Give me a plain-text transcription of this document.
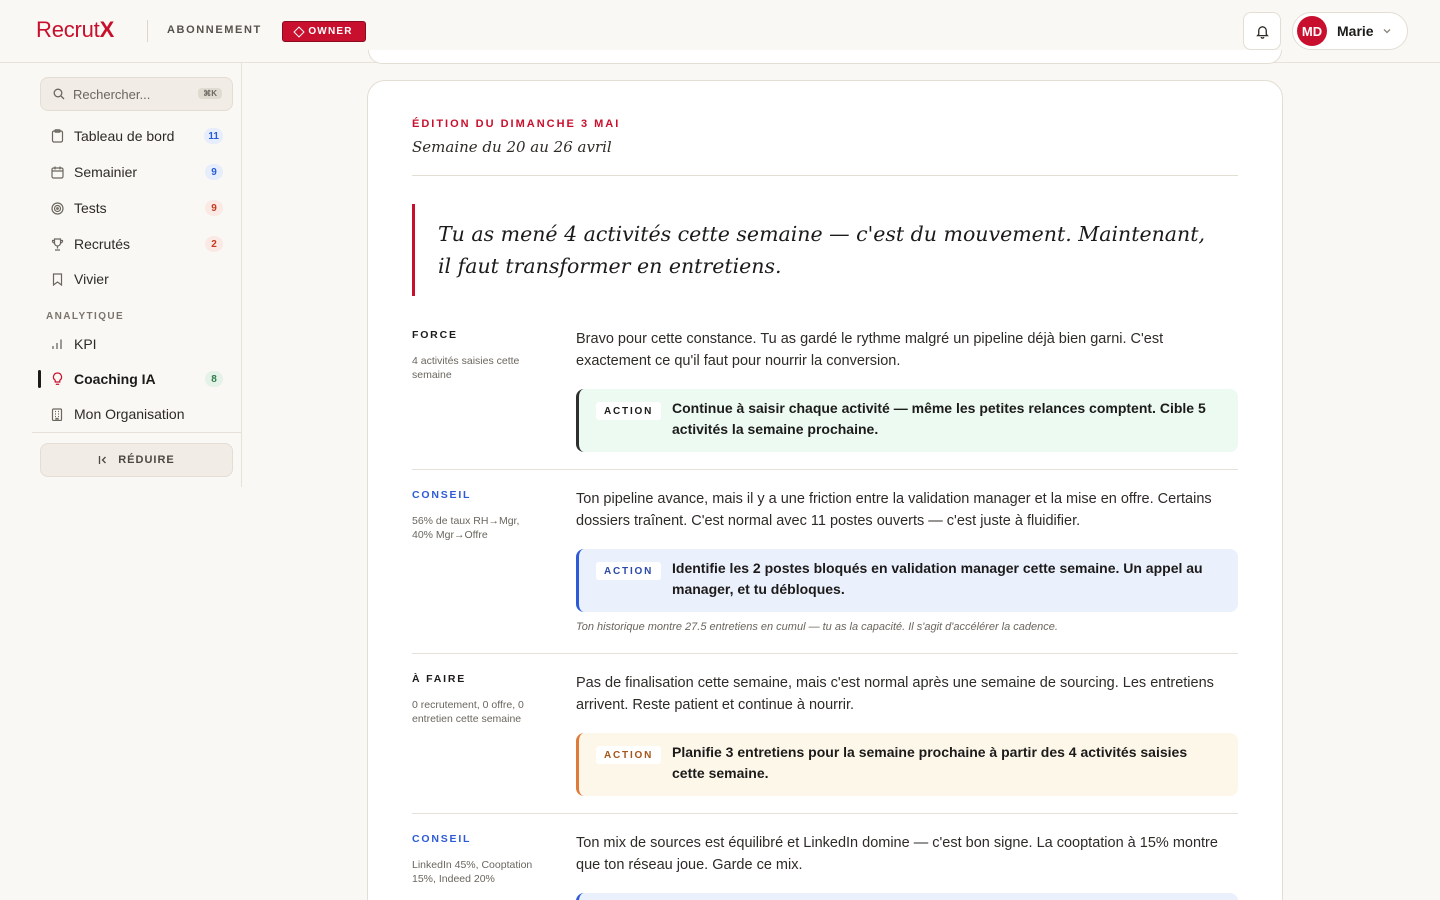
RecrutX	ABONNEMENT	OWNER	MD	Marie
Rechercher...
⌘K
Tableau de bord	11
Semainier	9
Tests	9
Recrutés	2
Vivier
ANALYTIQUE
KPI
Coaching IA	8
Mon Organisation
RÉDUIRE
ÉDITION DU DIMANCHE 3 MAI
Semaine du 20 au 26 avril
Tu as mené 4 activités cette semaine — c'est du mouvement. Maintenant, il faut transformer en entretiens.
FORCE
4 activités saisies cette semaine
Bravo pour cette constance. Tu as gardé le rythme malgré un pipeline déjà bien garni. C'est exactement ce qu'il faut pour nourrir la conversion.
ACTION	Continue à saisir chaque activité — même les petites relances comptent. Cible 5 activités la semaine prochaine.
CONSEIL
56% de taux RH→Mgr, 40% Mgr→Offre
Ton pipeline avance, mais il y a une friction entre la validation manager et la mise en offre. Certains dossiers traînent. C'est normal avec 11 postes ouverts — c'est juste à fluidifier.
ACTION	Identifie les 2 postes bloqués en validation manager cette semaine. Un appel au manager, et tu débloques.
Ton historique montre 27.5 entretiens en cumul — tu as la capacité. Il s'agit d'accélérer la cadence.
À FAIRE
0 recrutement, 0 offre, 0 entretien cette semaine
Pas de finalisation cette semaine, mais c'est normal après une semaine de sourcing. Les entretiens arrivent. Reste patient et continue à nourrir.
ACTION	Planifie 3 entretiens pour la semaine prochaine à partir des 4 activités saisies cette semaine.
CONSEIL
LinkedIn 45%, Cooptation 15%, Indeed 20%
Ton mix de sources est équilibré et LinkedIn domine — c'est bon signe. La cooptation à 15% montre que ton réseau joue. Garde ce mix.
